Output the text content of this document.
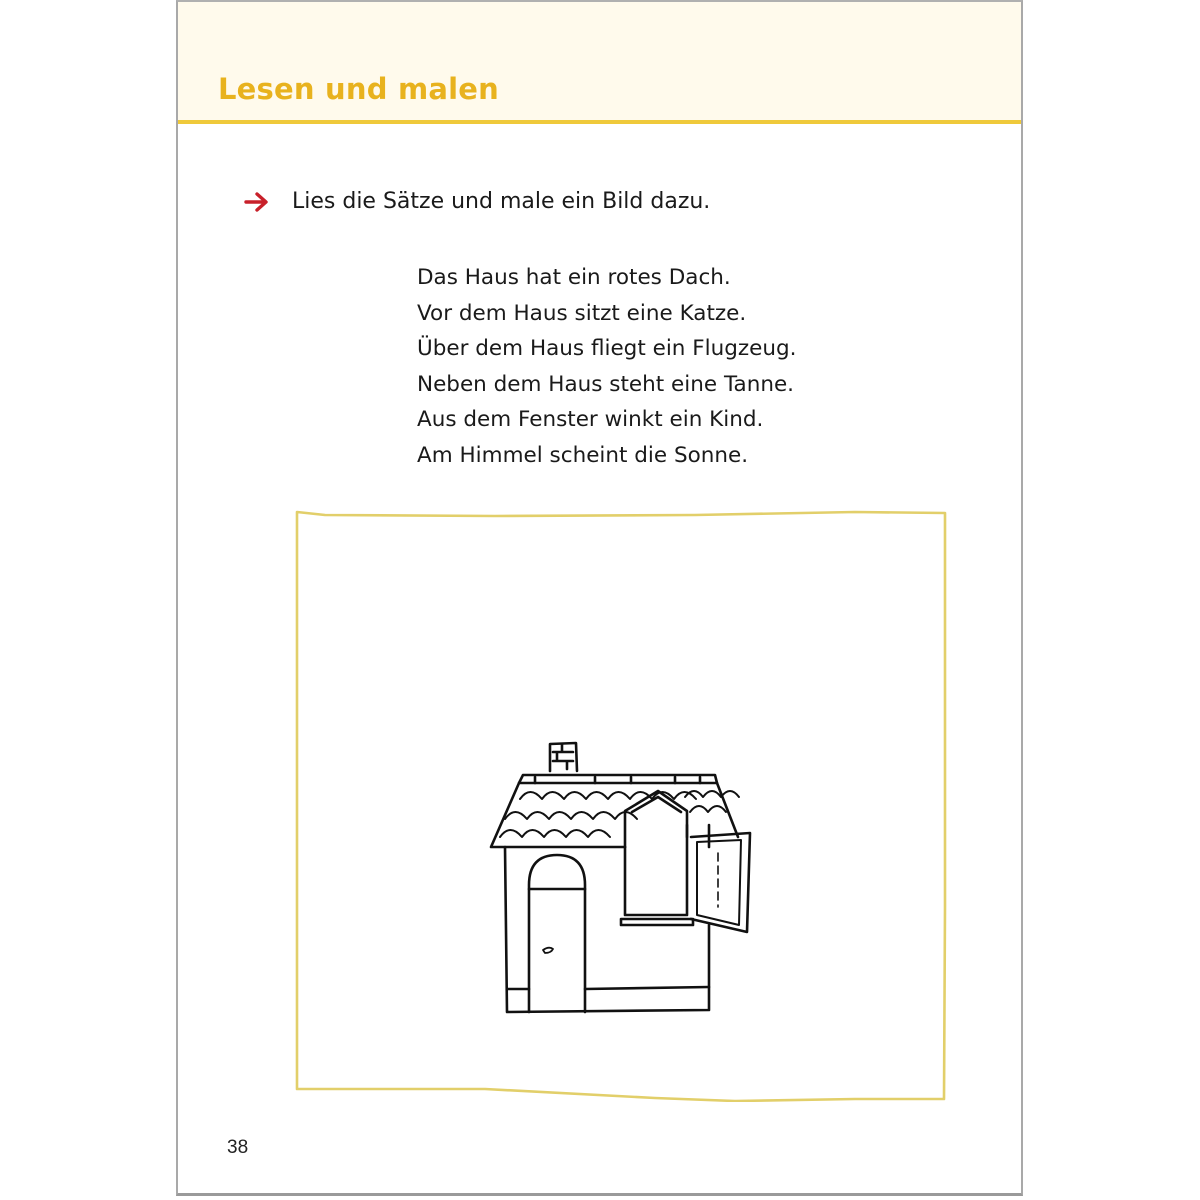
Lesen und malen
Lies die Sätze und male ein Bild dazu.
Das Haus hat ein rotes Dach.
Vor dem Haus sitzt eine Katze.
Über dem Haus fliegt ein Flugzeug.
Neben dem Haus steht eine Tanne.
Aus dem Fenster winkt ein Kind.
Am Himmel scheint die Sonne.
38
